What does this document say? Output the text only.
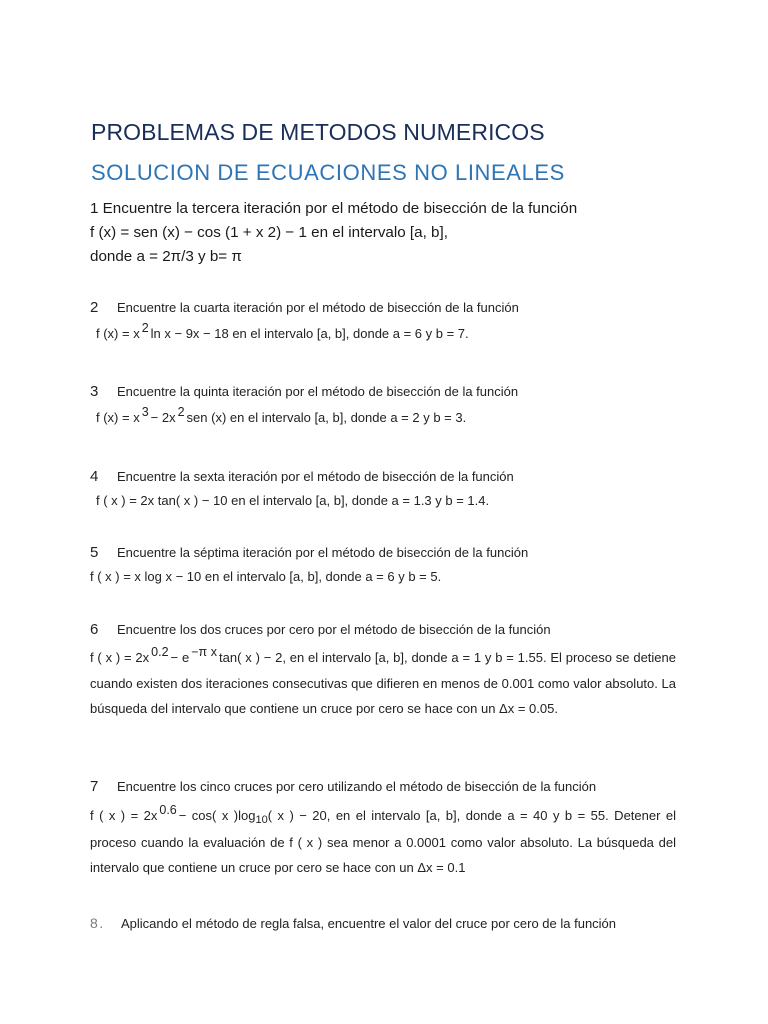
PROBLEMAS DE METODOS NUMERICOS
SOLUCION DE ECUACIONES NO LINEALES
1 Encuentre la tercera iteración por el método de bisección de la función
f (x) = sen (x) − cos (1 + x 2) − 1 en el intervalo [a, b],
donde a = 2π/3 y b= π
2 Encuentre la cuarta iteración por el método de bisección de la función
f (x) = x $^2$ ln x − 9x − 18 en el intervalo [a, b], donde a = 6 y b = 7.
3 Encuentre la quinta iteración por el método de bisección de la función
f (x) = x $^3$ − 2x $^2$ sen (x) en el intervalo [a, b], donde a = 2 y b = 3.
4 Encuentre la sexta iteración por el método de bisección de la función
f ( x ) = 2x tan( x ) − 10 en el intervalo [a, b], donde a = 1.3 y b = 1.4.
5 Encuentre la séptima iteración por el método de bisección de la función
f ( x ) = x log x − 10 en el intervalo [a, b], donde a = 6 y b = 5.
6 Encuentre los dos cruces por cero por el método de bisección de la función
f ( x ) = 2x $^{0.2}$ − e $^{-\pi x}$ tan( x ) − 2, en el intervalo [a, b], donde a = 1 y b = 1.55. El proceso se detiene cuando existen dos iteraciones consecutivas que difieren en menos de 0.001 como valor absoluto. La búsqueda del intervalo que contiene un cruce por cero se hace con un Δx = 0.05.
7 Encuentre los cinco cruces por cero utilizando el método de bisección de la función
f ( x ) = 2x $^{0.6}$ − cos( x )$\log_{10}$( x ) − 20, en el intervalo [a, b], donde a = 40 y b = 55. Detener el proceso cuando la evaluación de f ( x ) sea menor a 0.0001 como valor absoluto. La búsqueda del intervalo que contiene un cruce por cero se hace con un Δx = 0.1
8. Aplicando el método de regla falsa, encuentre el valor del cruce por cero de la función
